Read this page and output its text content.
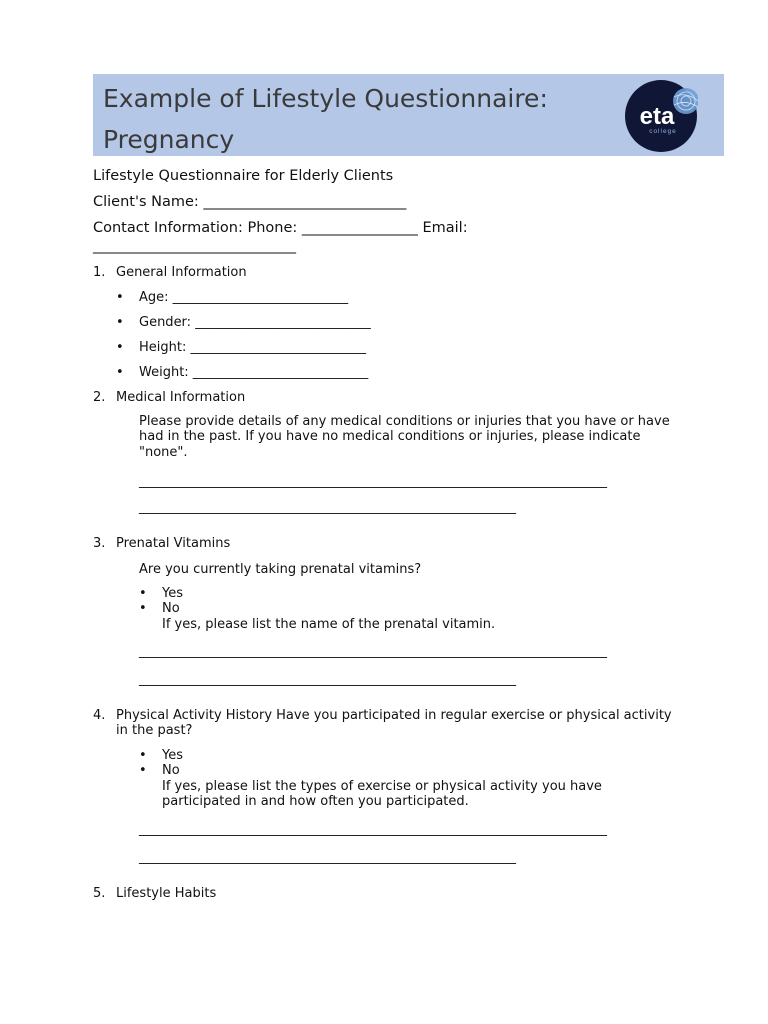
Example of Lifestyle Questionnaire: Pregnancy
eta
college
Lifestyle Questionnaire for Elderly Clients
Client's Name: ____________________________
Contact Information: Phone: ________________ Email:
____________________________
1. General Information
• Age: ___________________________
• Gender: ___________________________
• Height: ___________________________
• Weight: ___________________________
2. Medical Information
Please provide details of any medical conditions or injuries that you have or have had in the past. If you have no medical conditions or injuries, please indicate "none".
________________________________________________________________________
__________________________________________________________
3. Prenatal Vitamins
Are you currently taking prenatal vitamins?
• Yes
• No
If yes, please list the name of the prenatal vitamin.
________________________________________________________________________
__________________________________________________________
4. Physical Activity History Have you participated in regular exercise or physical activity in the past?
• Yes
• No
If yes, please list the types of exercise or physical activity you have participated in and how often you participated.
________________________________________________________________________
__________________________________________________________
5. Lifestyle Habits
